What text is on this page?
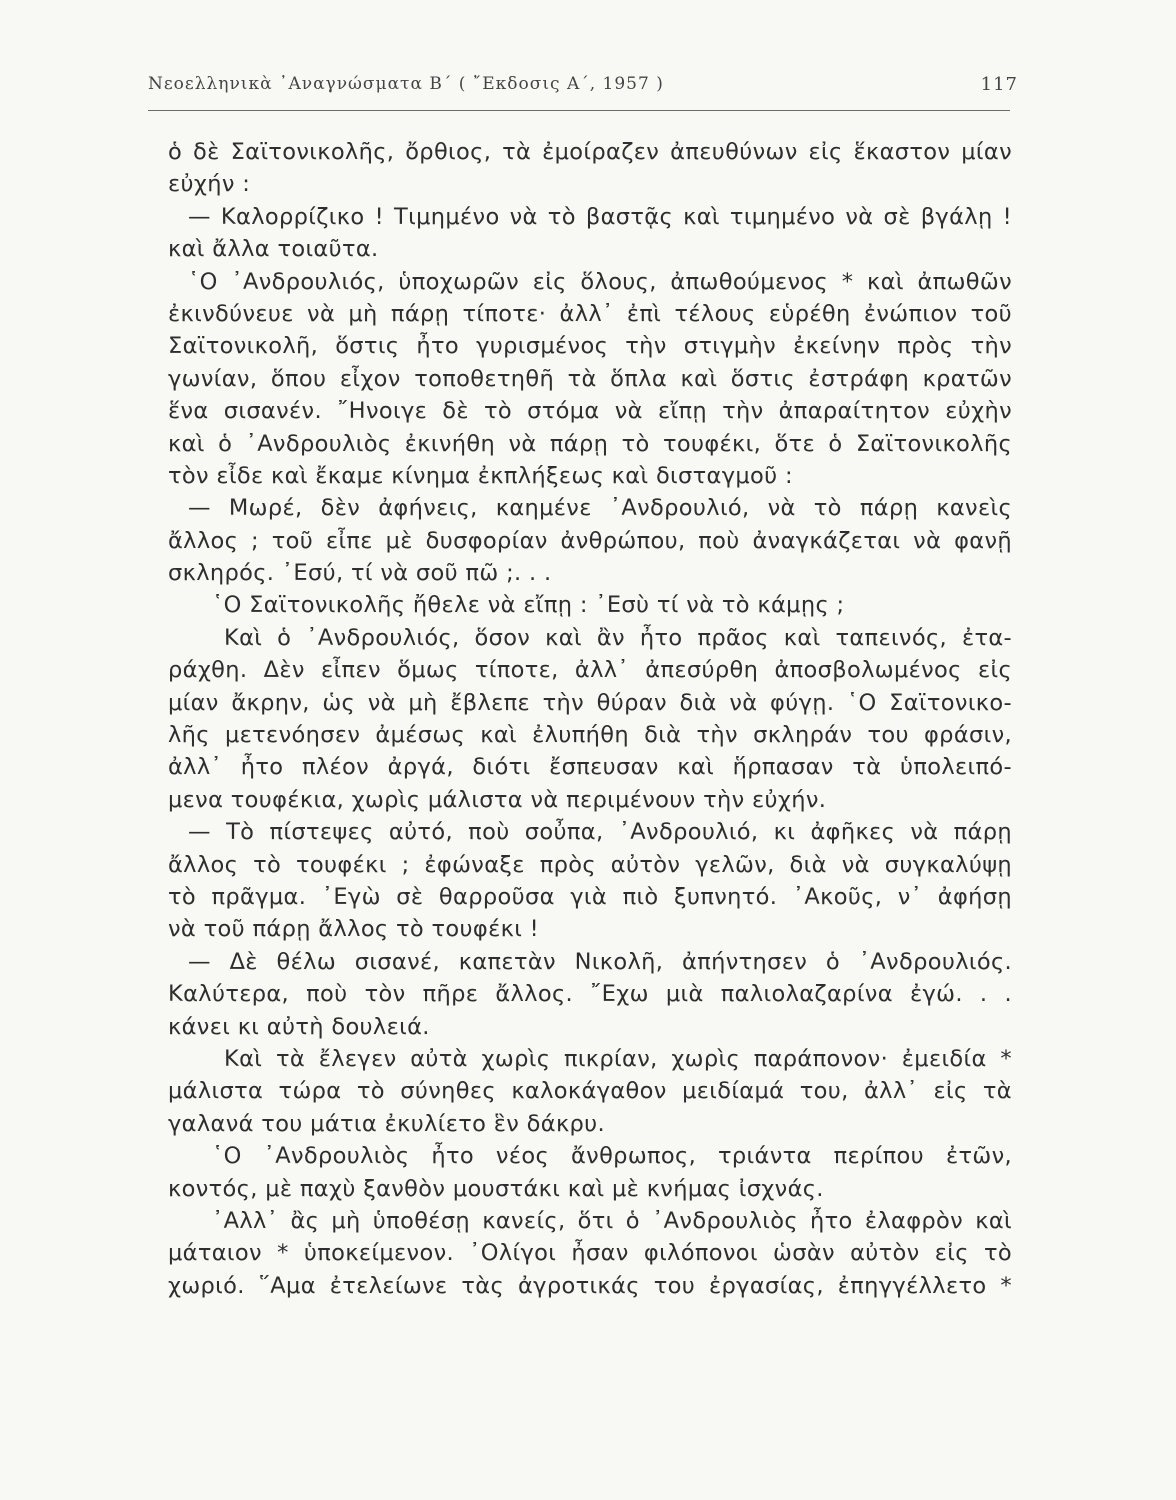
Νεοελληνικὰ ᾿Αναγνώσματα Β΄ ( ῎Εκδοσις Α΄, 1957 )	117
ὁ δὲ Σαϊτονικολῆς, ὄρθιος, τὰ ἐμοίραζεν ἀπευθύνων εἰς ἕκαστον μίαν
εὐχήν :
— Καλορρίζικο ! Τιμημένο νὰ τὸ βαστᾷς καὶ τιμημένο νὰ σὲ βγάλῃ !
καὶ ἄλλα τοιαῦτα.
῾Ο ᾿Ανδρουλιός, ὑποχωρῶν εἰς ὅλους, ἀπωθούμενος * καὶ ἀπωθῶν
ἐκινδύνευε νὰ μὴ πάρῃ τίποτε· ἀλλ᾿ ἐπὶ τέλους εὑρέθη ἐνώπιον τοῦ
Σαϊτονικολῆ, ὅστις ἦτο γυρισμένος τὴν στιγμὴν ἐκείνην πρὸς τὴν
γωνίαν, ὅπου εἶχον τοποθετηθῆ τὰ ὅπλα καὶ ὅστις ἐστράφη κρατῶν
ἕνα σισανέν. ῎Ηνοιγε δὲ τὸ στόμα νὰ εἴπῃ τὴν ἀπαραίτητον εὐχὴν
καὶ ὁ ᾿Ανδρουλιὸς ἐκινήθη νὰ πάρῃ τὸ τουφέκι, ὅτε ὁ Σαϊτονικολῆς
τὸν εἶδε καὶ ἔκαμε κίνημα ἐκπλήξεως καὶ δισταγμοῦ :
— Μωρέ, δὲν ἀφήνεις, καημένε ᾿Ανδρουλιό, νὰ τὸ πάρῃ κανεὶς
ἄλλος ; τοῦ εἶπε μὲ δυσφορίαν ἀνθρώπου, ποὺ ἀναγκάζεται νὰ φανῇ
σκληρός. ᾿Εσύ, τί νὰ σοῦ πῶ ;. . .
῾Ο Σαϊτονικολῆς ἤθελε νὰ εἴπῃ : ᾿Εσὺ τί νὰ τὸ κάμῃς ;
Καὶ ὁ ᾿Ανδρουλιός, ὅσον καὶ ἂν ἦτο πρᾶος καὶ ταπεινός, ἐτα-
ράχθη. Δὲν εἶπεν ὅμως τίποτε, ἀλλ᾿ ἀπεσύρθη ἀποσβολωμένος εἰς
μίαν ἄκρην, ὡς νὰ μὴ ἔβλεπε τὴν θύραν διὰ νὰ φύγῃ. ῾Ο Σαϊτονικο-
λῆς μετενόησεν ἀμέσως καὶ ἐλυπήθη διὰ τὴν σκληράν του φράσιν,
ἀλλ᾿ ἦτο πλέον ἀργά, διότι ἔσπευσαν καὶ ἥρπασαν τὰ ὑπολειπό-
μενα τουφέκια, χωρὶς μάλιστα νὰ περιμένουν τὴν εὐχήν.
— Τὸ πίστεψες αὐτό, ποὺ σοὖπα, ᾿Ανδρουλιό, κι ἀφῆκες νὰ πάρῃ
ἄλλος τὸ τουφέκι ; ἐφώναξε πρὸς αὐτὸν γελῶν, διὰ νὰ συγκαλύψῃ
τὸ πρᾶγμα. ᾿Εγὼ σὲ θαρροῦσα γιὰ πιὸ ξυπνητό. ᾿Ακοῦς, ν᾿ ἀφήσῃ
νὰ τοῦ πάρῃ ἄλλος τὸ τουφέκι !
— Δὲ θέλω σισανέ, καπετὰν Νικολῆ, ἀπήντησεν ὁ ᾿Ανδρουλιός.
Καλύτερα, ποὺ τὸν πῆρε ἄλλος. ῎Εχω μιὰ παλιολαζαρίνα ἐγώ. . .
κάνει κι αὐτὴ δουλειά.
Καὶ τὰ ἔλεγεν αὐτὰ χωρὶς πικρίαν, χωρὶς παράπονον· ἐμειδία *
μάλιστα τώρα τὸ σύνηθες καλοκάγαθον μειδίαμά του, ἀλλ᾿ εἰς τὰ
γαλανά του μάτια ἐκυλίετο ἓν δάκρυ.
῾Ο ᾿Ανδρουλιὸς ἦτο νέος ἄνθρωπος, τριάντα περίπου ἐτῶν,
κοντός, μὲ παχὺ ξανθὸν μουστάκι καὶ μὲ κνήμας ἰσχνάς.
᾿Αλλ᾿ ἂς μὴ ὑποθέσῃ κανείς, ὅτι ὁ ᾿Ανδρουλιὸς ἦτο ἐλαφρὸν καὶ
μάταιον * ὑποκείμενον. ᾿Ολίγοι ἦσαν φιλόπονοι ὡσὰν αὐτὸν εἰς τὸ
χωριό. ῞Αμα ἐτελείωνε τὰς ἀγροτικάς του ἐργασίας, ἐπηγγέλλετο *
